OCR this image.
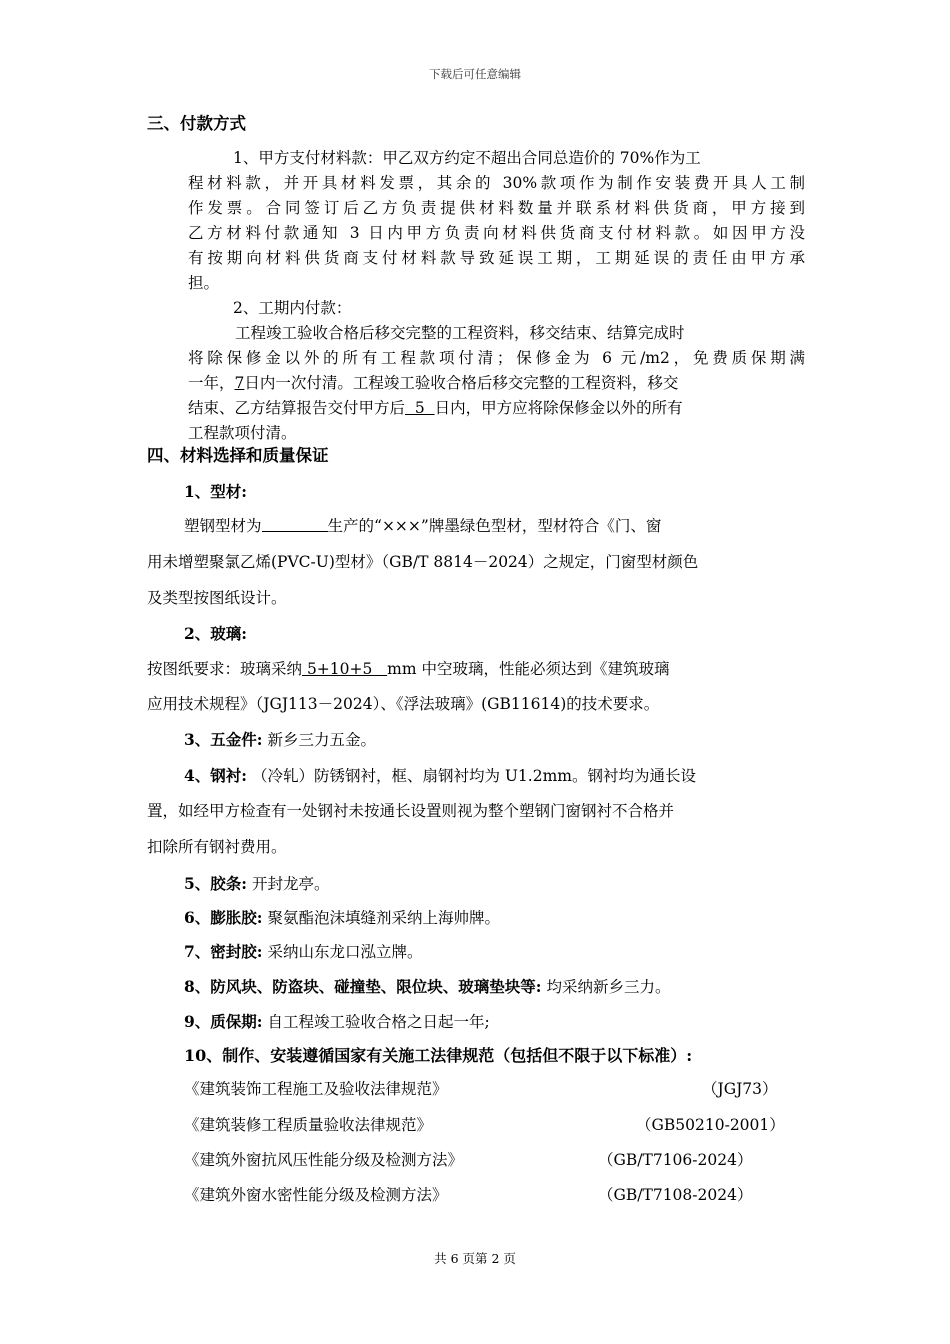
下载后可任意编辑
三、付款方式
1、甲方支付材料款：甲乙双方约定不超出合同总造价的 70%作为工
程材料款，并开具材料发票，其余的 30%款项作为制作安装费开具人工制
作发票。合同签订后乙方负责提供材料数量并联系材料供货商，甲方接到
乙方材料付款通知 3 日内甲方负责向材料供货商支付材料款。如因甲方没
有按期向材料供货商支付材料款导致延误工期，工期延误的责任由甲方承
担。
2、工期内付款：
工程竣工验收合格后移交完整的工程资料，移交结束、结算完成时
将除保修金以外的所有工程款项付清；保修金为 6 元/m2，免费质保期满
一年，7日内一次付清。工程竣工验收合格后移交完整的工程资料，移交
结束、乙方结算报告交付甲方后  5  日内，甲方应将除保修金以外的所有
工程款项付清。
四、材料选择和质量保证
1、型材:
塑钢型材为	生产的“×××”牌墨绿色型材，型材符合《门、窗
用未增塑聚氯乙烯(PVC-U)型材》（GB/T 8814－2024）之规定，门窗型材颜色
及类型按图纸设计。
2、玻璃:
按图纸要求：玻璃采纳 5+10+5   mm 中空玻璃，性能必须达到《建筑玻璃
应用技术规程》（JGJ113－2024）、《浮法玻璃》(GB11614)的技术要求。
3、五金件: 新乡三力五金。
4、钢衬: （冷轧）防锈钢衬，框、扇钢衬均为 U1.2mm。钢衬均为通长设
置，如经甲方检查有一处钢衬未按通长设置则视为整个塑钢门窗钢衬不合格并
扣除所有钢衬费用。
5、胶条: 开封龙亭。
6、膨胀胶: 聚氨酯泡沫填缝剂采纳上海帅牌。
7、密封胶: 采纳山东龙口泓立牌。
8、防风块、防盗块、碰撞垫、限位块、玻璃垫块等: 均采纳新乡三力。
9、质保期: 自工程竣工验收合格之日起一年;
10、制作、安装遵循国家有关施工法律规范（包括但不限于以下标准）:
《建筑装饰工程施工及验收法律规范》	（JGJ73）
《建筑装修工程质量验收法律规范》	（GB50210-2001）
《建筑外窗抗风压性能分级及检测方法》	（GB/T7106-2024）
《建筑外窗水密性能分级及检测方法》	（GB/T7108-2024）
共 6 页第 2 页
